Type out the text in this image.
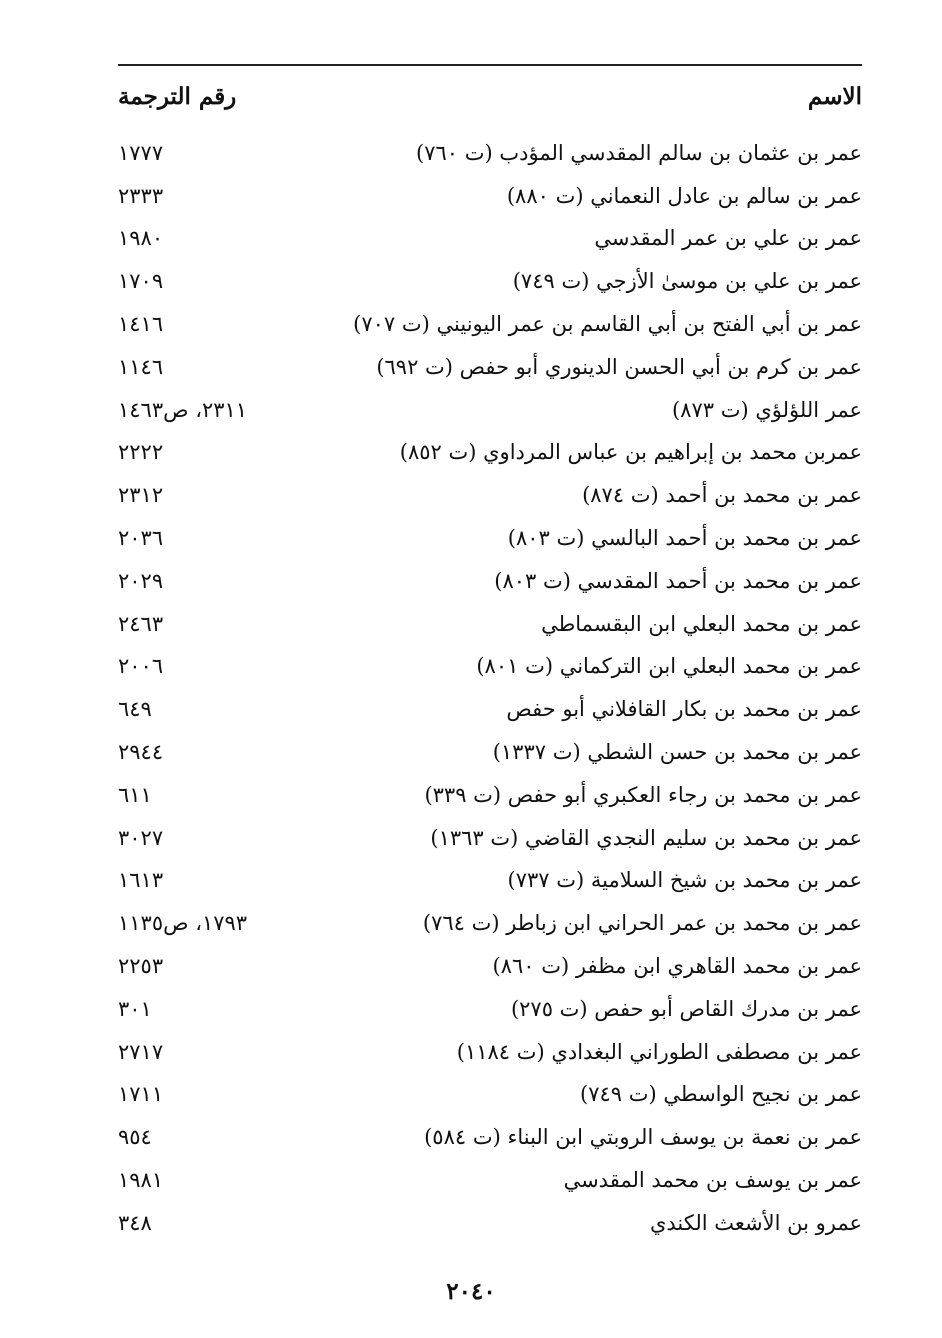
الاسم
رقم الترجمة
عمر بن عثمان بن سالم المقدسي المؤدب (ت ٧٦٠)
١٧٧٧
عمر بن سالم بن عادل النعماني (ت ٨٨٠)
٢٣٣٣
عمر بن علي بن عمر المقدسي
١٩٨٠
عمر بن علي بن موسىٰ الأزجي (ت ٧٤٩)
١٧٠٩
عمر بن أبي الفتح بن أبي القاسم بن عمر اليونيني (ت ٧٠٧)
١٤١٦
عمر بن كرم بن أبي الحسن الدينوري أبو حفص (ت ٦٩٢)
١١٤٦
عمر اللؤلؤي (ت ٨٧٣)
٢٣١١، ص١٤٦٣
عمربن محمد بن إبراهيم بن عباس المرداوي (ت ٨٥٢)
٢٢٢٢
عمر بن محمد بن أحمد (ت ٨٧٤)
٢٣١٢
عمر بن محمد بن أحمد البالسي (ت ٨٠٣)
٢٠٣٦
عمر بن محمد بن أحمد المقدسي (ت ٨٠٣)
٢٠٢٩
عمر بن محمد البعلي ابن البقسماطي
٢٤٦٣
عمر بن محمد البعلي ابن التركماني (ت ٨٠١)
٢٠٠٦
عمر بن محمد بن بكار القافلاني أبو حفص
٦٤٩
عمر بن محمد بن حسن الشطي (ت ١٣٣٧)
٢٩٤٤
عمر بن محمد بن رجاء العكبري أبو حفص (ت ٣٣٩)
٦١١
عمر بن محمد بن سليم النجدي القاضي (ت ١٣٦٣)
٣٠٢٧
عمر بن محمد بن شيخ السلامية (ت ٧٣٧)
١٦١٣
عمر بن محمد بن عمر الحراني ابن زباطر (ت ٧٦٤)
١٧٩٣، ص١١٣٥
عمر بن محمد القاهري ابن مظفر (ت ٨٦٠)
٢٢٥٣
عمر بن مدرك القاص أبو حفص (ت ٢٧٥)
٣٠١
عمر بن مصطفى الطوراني البغدادي (ت ١١٨٤)
٢٧١٧
عمر بن نجيح الواسطي (ت ٧٤٩)
١٧١١
عمر بن نعمة بن يوسف الروبتي ابن البناء (ت ٥٨٤)
٩٥٤
عمر بن يوسف بن محمد المقدسي
١٩٨١
عمرو بن الأشعث الكندي
٣٤٨
٢٠٤٠
